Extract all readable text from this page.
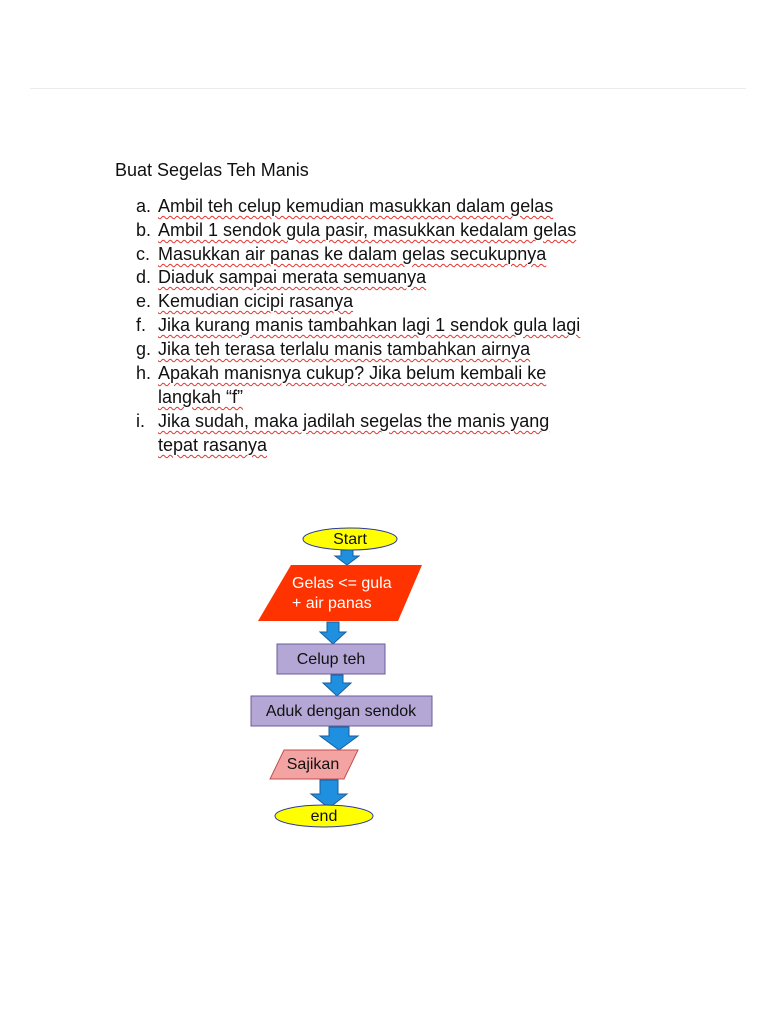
Buat Segelas Teh Manis
a. Ambil teh celup kemudian masukkan dalam gelas
b. Ambil 1 sendok gula pasir, masukkan kedalam gelas
c. Masukkan air panas ke dalam gelas secukupnya
d. Diaduk sampai merata semuanya
e. Kemudian cicipi rasanya
f. Jika kurang manis tambahkan lagi 1 sendok gula lagi
g. Jika teh terasa terlalu manis tambahkan airnya
h. Apakah manisnya cukup? Jika belum kembali ke
langkah “f”
i. Jika sudah, maka jadilah segelas the manis yang
tepat rasanya
Start
Gelas <= gula
+ air panas
Celup teh
Aduk dengan sendok
Sajikan
end
